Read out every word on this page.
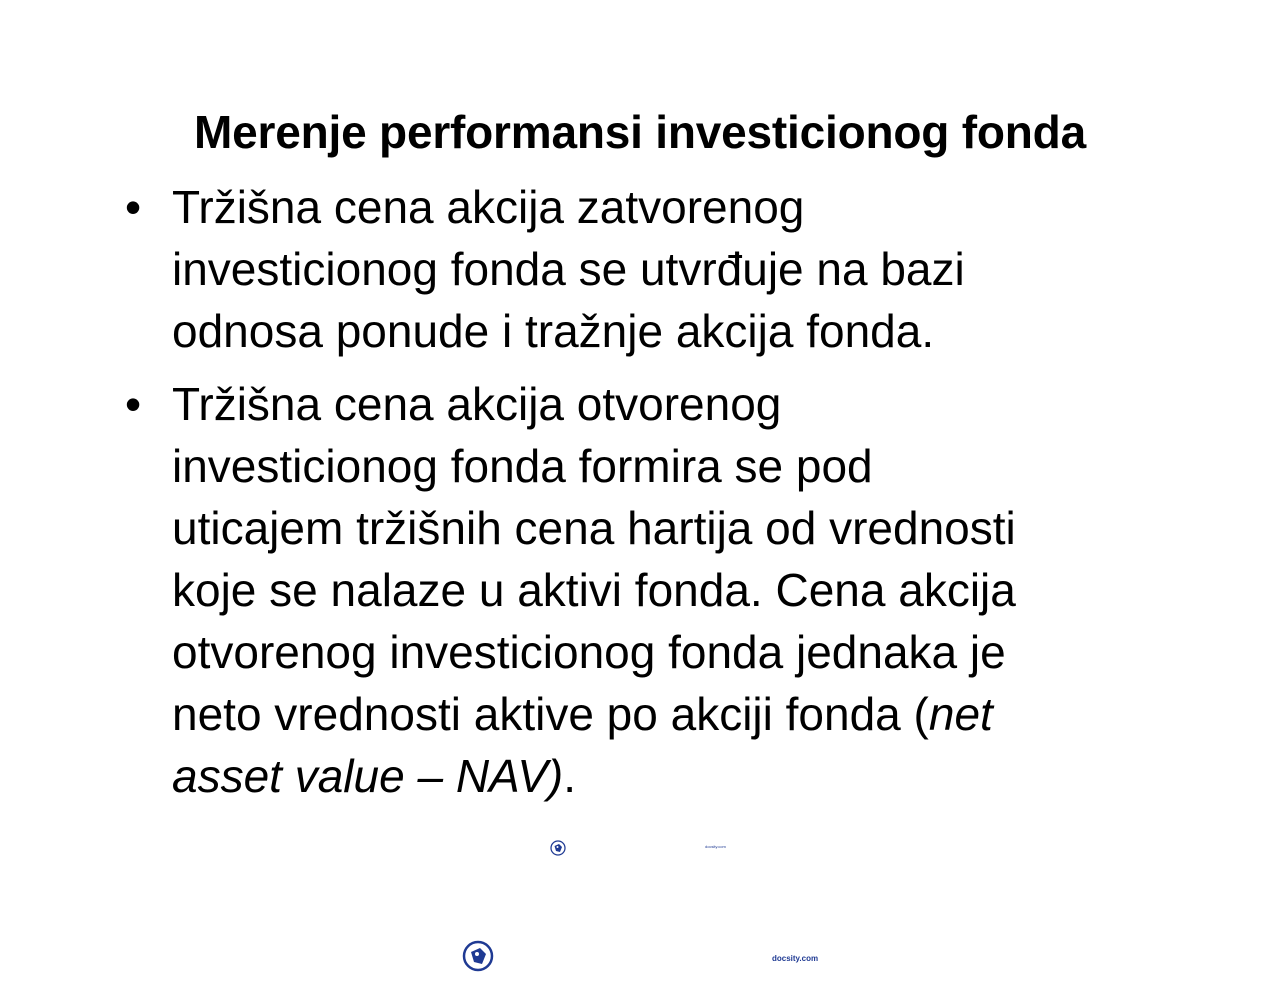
Merenje performansi investicionog fonda
• Tržišna cena akcija zatvorenog
investicionog fonda se utvrđuje na bazi
odnosa ponude i tražnje akcija fonda.
• Tržišna cena akcija otvorenog
investicionog fonda formira se pod
uticajem tržišnih cena hartija od vrednosti
koje se nalaze u aktivi fonda. Cena akcija
otvorenog investicionog fonda jednaka je
neto vrednosti aktive po akciji fonda (net
asset value – NAV).
docsity.com
docsity.com
